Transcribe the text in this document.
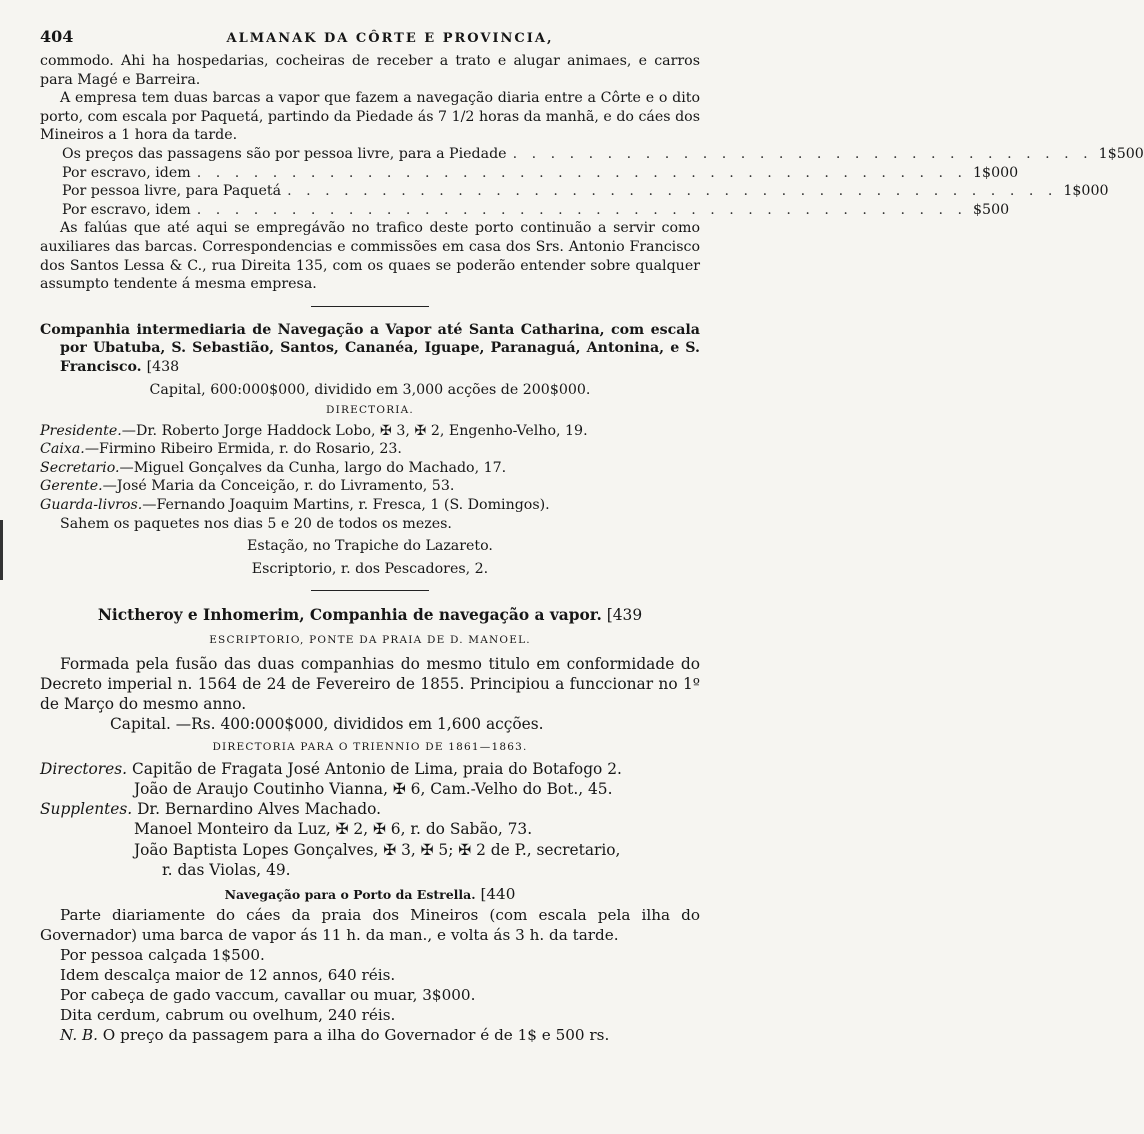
404	ALMANAK DA CÔRTE E PROVINCIA,

commodo. Ahi ha hospedarias, cocheiras de receber a trato e alugar animaes, e carros para Magé e Barreira.

A empresa tem duas barcas a vapor que fazem a navegação diaria entre a Côrte e o dito porto, com escala por Paquetá, partindo da Piedade ás 7 1/2 horas da manhã, e do cáes dos Mineiros a 1 hora da tarde.

Os preços das passagens são por pessoa livre, para a Piedade . . . . . . . . . . . . . . . . . . . . . . . . . . . . . . . 1$500
Por escravo, idem . . . . . . . . . . . . . . . . . . . . . . . . . . . . . . . . . . . . . . . . . 1$000
Por pessoa livre, para Paquetá . . . . . . . . . . . . . . . . . . . . . . . . . . . . . . . . . . . . . . . . . 1$000
Por escravo, idem . . . . . . . . . . . . . . . . . . . . . . . . . . . . . . . . . . . . . . . . . $500

As falúas que até aqui se empregávão no trafico deste porto continuão a servir como auxiliares das barcas. Correspondencias e commissões em casa dos Srs. Antonio Francisco dos Santos Lessa & C., rua Direita 135, com os quaes se poderão entender sobre qualquer assumpto tendente á mesma empresa.

Companhia intermediaria de Navegação a Vapor até Santa Catharina, com escala por Ubatuba, S. Sebastião, Santos, Cananéa, Iguape, Paranaguá, Antonina, e S. Francisco. [438

Capital, 600:000$000, dividido em 3,000 acções de 200$000.

DIRECTORIA.

Presidente.—Dr. Roberto Jorge Haddock Lobo, ✠ 3, ✠ 2, Engenho-Velho, 19.
Caixa.—Firmino Ribeiro Ermida, r. do Rosario, 23.
Secretario.—Miguel Gonçalves da Cunha, largo do Machado, 17.
Gerente.—José Maria da Conceição, r. do Livramento, 53.
Guarda-livros.—Fernando Joaquim Martins, r. Fresca, 1 (S. Domingos).

Sahem os paquetes nos dias 5 e 20 de todos os mezes.

Estação, no Trapiche do Lazareto.

Escriptorio, r. dos Pescadores, 2.

Nictheroy e Inhomerim, Companhia de navegação a vapor. [439

ESCRIPTORIO, PONTE DA PRAIA DE D. MANOEL.

Formada pela fusão das duas companhias do mesmo titulo em conformidade do Decreto imperial n. 1564 de 24 de Fevereiro de 1855. Principiou a funccionar no 1º de Março do mesmo anno.

Capital. —Rs. 400:000$000, divididos em 1,600 acções.

DIRECTORIA PARA O TRIENNIO DE 1861—1863.

Directores. Capitão de Fragata José Antonio de Lima, praia do Botafogo 2.
João de Araujo Coutinho Vianna, ✠ 6, Cam.-Velho do Bot., 45.
Supplentes. Dr. Bernardino Alves Machado.
Manoel Monteiro da Luz, ✠ 2, ✠ 6, r. do Sabão, 73.
João Baptista Lopes Gonçalves, ✠ 3, ✠ 5; ✠ 2 de P., secretario,
r. das Violas, 49.

Navegação para o Porto da Estrella. [440

Parte diariamente do cáes da praia dos Mineiros (com escala pela ilha do Governador) uma barca de vapor ás 11 h. da man., e volta ás 3 h. da tarde.

Por pessoa calçada 1$500.
Idem descalça maior de 12 annos, 640 réis.
Por cabeça de gado vaccum, cavallar ou muar, 3$000.
Dita cerdum, cabrum ou ovelhum, 240 réis.
N. B. O preço da passagem para a ilha do Governador é de 1$ e 500 rs.
